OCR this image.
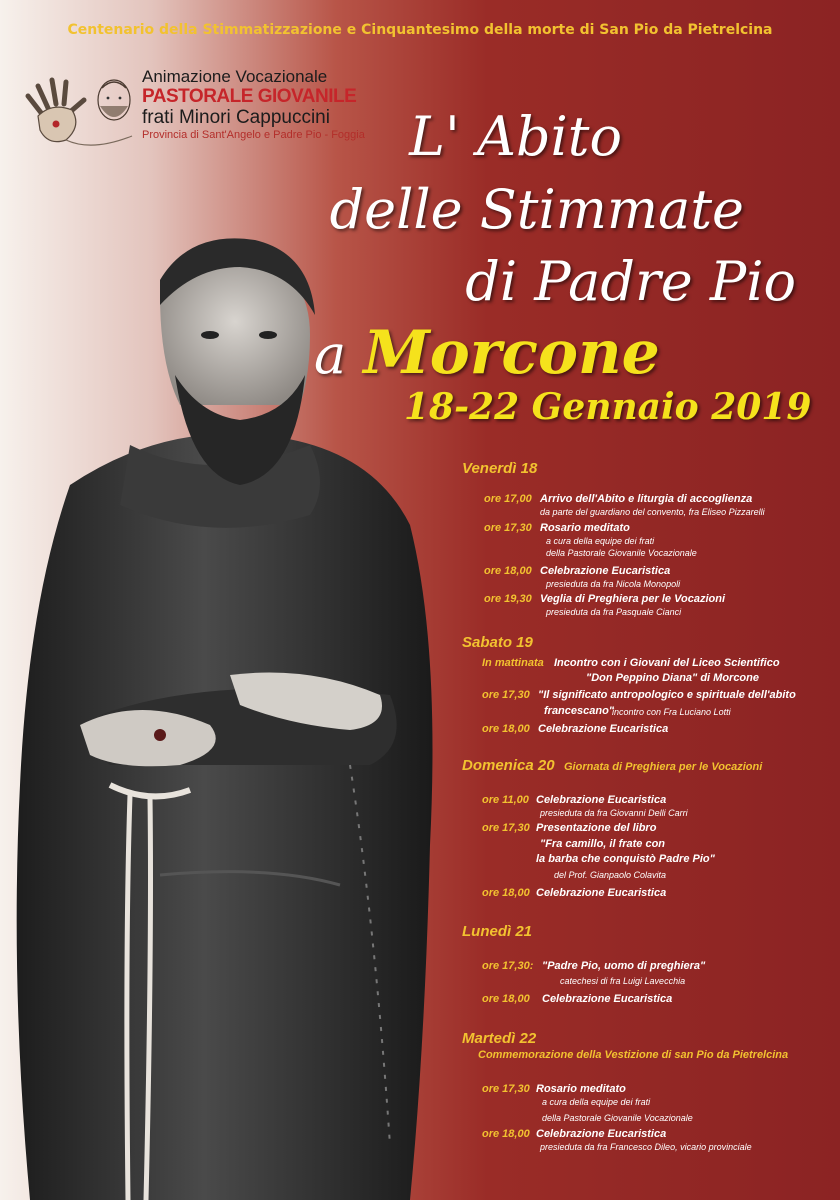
Centenario della Stimmatizzazione e Cinquantesimo della morte di San Pio da Pietrelcina
Animazione Vocazionale
PASTORALE GIOVANILE
frati Minori Cappuccini
Provincia di Sant'Angelo e Padre Pio - Foggia L' Abito
delle Stimmate
di Padre Pio
a Morcone
18-22 Gennaio 2019
Venerdì 18
ore 17,00 Arrivo dell'Abito e liturgia di accoglienza
da parte del guardiano del convento, fra Eliseo Pizzarelli
ore 17,30 Rosario meditato
a cura della equipe dei frati
della Pastorale Giovanile Vocazionale
ore 18,00 Celebrazione Eucaristica
presieduta da fra Nicola Monopoli
ore 19,30 Veglia di Preghiera per le Vocazioni
presieduta da fra Pasquale Cianci
Sabato 19
In mattinata Incontro con i Giovani del Liceo Scientifico
"Don Peppino Diana" di Morcone
ore 17,30 "Il significato antropologico e spirituale dell'abito
francescano"
incontro con Fra Luciano Lotti
ore 18,00 Celebrazione Eucaristica
Domenica 20 Giornata di Preghiera per le Vocazioni
ore 11,00 Celebrazione Eucaristica
presieduta da fra Giovanni Delli Carri
ore 17,30 Presentazione del libro
"Fra camillo, il frate con
la barba che conquistò Padre Pio"
del Prof. Gianpaolo Colavita
ore 18,00 Celebrazione Eucaristica
Lunedì 21
ore 17,30: "Padre Pio, uomo di preghiera"
catechesi di fra Luigi Lavecchia
ore 18,00 Celebrazione Eucaristica
Martedì 22
Commemorazione della Vestizione di san Pio da Pietrelcina
ore 17,30 Rosario meditato
a cura della equipe dei frati
della Pastorale Giovanile Vocazionale
ore 18,00 Celebrazione Eucaristica
presieduta da fra Francesco Dileo, vicario provinciale
